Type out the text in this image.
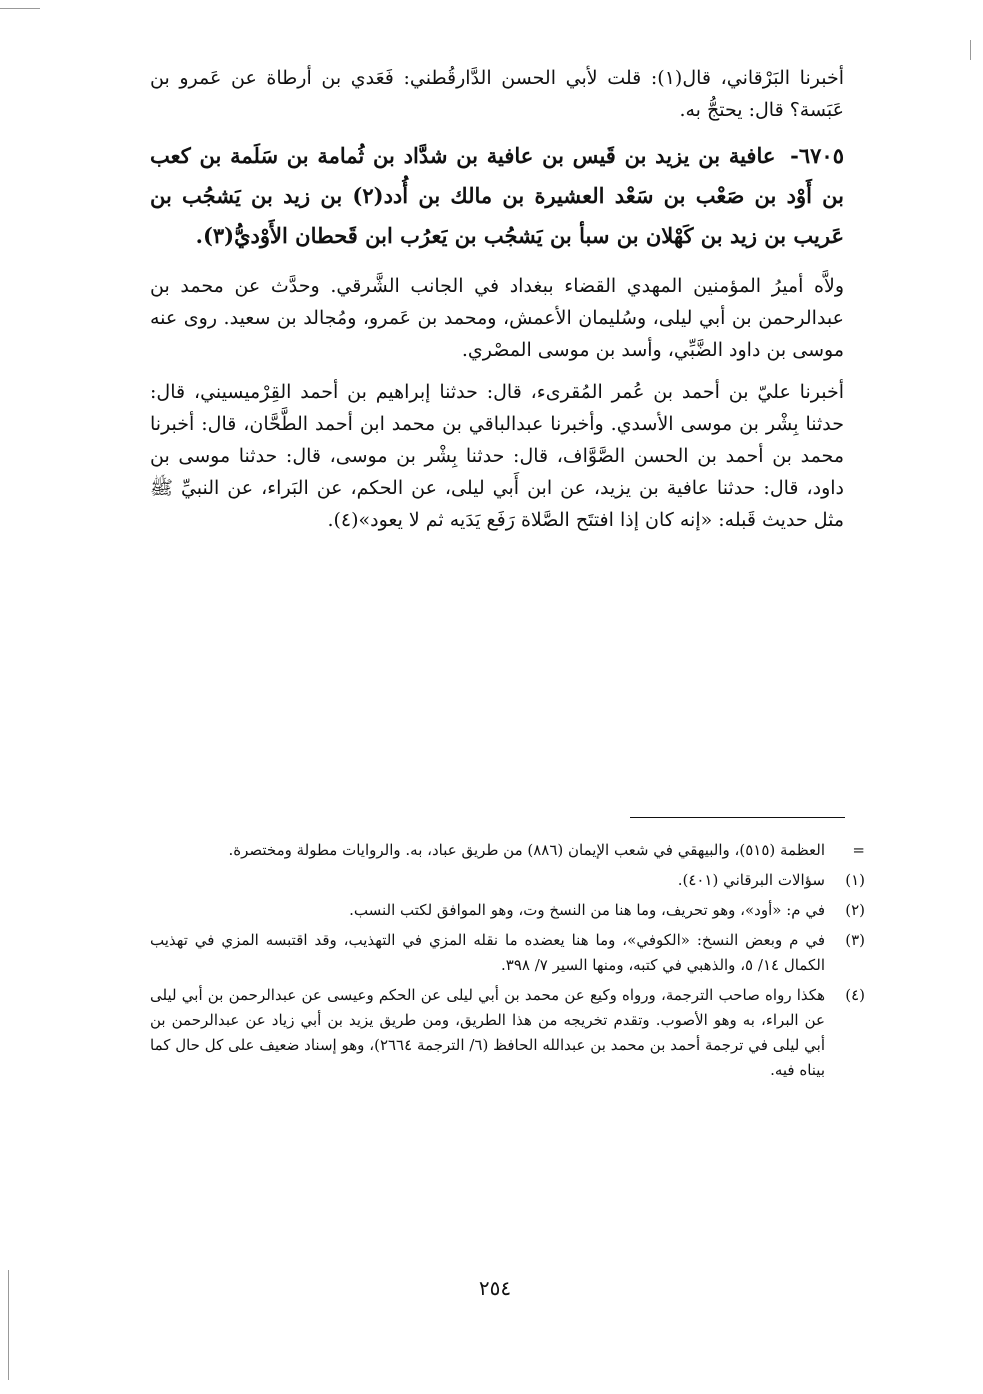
أخبرنا البَرْقاني، قال(١): قلت لأبي الحسن الدَّارقُطني: فَعَدي بن أرطاة عن عَمرو بن عَبَسة؟ قال: يحتجُّ به.

٦٧٠٥- عافية بن يزيد بن قَيس بن عافية بن شدَّاد بن ثُمامة بن سَلَمة بن كعب بن أَوْد بن صَعْب بن سَعْد العشيرة بن مالك بن أُدد(٢) بن زيد بن يَشجُب بن عَريب بن زيد بن كَهْلان بن سبأ بن يَشجُب بن يَعرُب ابن قَحطان الأَوْديُّ(٣).

ولاَّه أميرُ المؤمنين المهدي القضاء ببغداد في الجانب الشَّرقي. وحدَّث عن محمد بن عبدالرحمن بن أبي ليلى، وسُليمان الأعمش، ومحمد بن عَمرو، ومُجالد بن سعيد. روى عنه موسى بن داود الضَّبِّي، وأسد بن موسى المصْري.

أخبرنا عليّ بن أحمد بن عُمر المُقرىء، قال: حدثنا إبراهيم بن أحمد القِرْميسيني، قال: حدثنا بِشْر بن موسى الأسدي. وأخبرنا عبدالباقي بن محمد ابن أحمد الطَّحَّان، قال: أخبرنا محمد بن أحمد بن الحسن الصَّوَّاف، قال: حدثنا بِشْر بن موسى، قال: حدثنا موسى بن داود، قال: حدثنا عافية بن يزيد، عن ابن أَبي ليلى، عن الحكم، عن البَراء، عن النبيِّ ﷺ مثل حديث قَبله: «إنه كان إذا افتتَح الصَّلاة رَفَع يَدَيه ثم لا يعود»(٤).

=
العظمة (٥١٥)، والبيهقي في شعب الإيمان (٨٨٦) من طريق عباد، به. والروايات مطولة ومختصرة.
(١)
سؤالات البرقاني (٤٠١).
(٢)
في م: «أود»، وهو تحريف، وما هنا من النسخ وت، وهو الموافق لكتب النسب.
(٣)
في م وبعض النسخ: «الكوفي»، وما هنا يعضده ما نقله المزي في التهذيب، وقد اقتبسه المزي في تهذيب الكمال ١٤/ ٥، والذهبي في كتبه، ومنها السير ٧/ ٣٩٨.
(٤)
هكذا رواه صاحب الترجمة، ورواه وكيع عن محمد بن أبي ليلى عن الحكم وعيسى عن عبدالرحمن بن أبي ليلى عن البراء، به وهو الأصوب. وتقدم تخريجه من هذا الطريق، ومن طريق يزيد بن أبي زياد عن عبدالرحمن بن أبي ليلى في ترجمة أحمد بن محمد بن عبدالله الحافظ (٦/ الترجمة ٢٦٦٤)، وهو إسناد ضعيف على كل حال كما بيناه فيه.
٢٥٤
